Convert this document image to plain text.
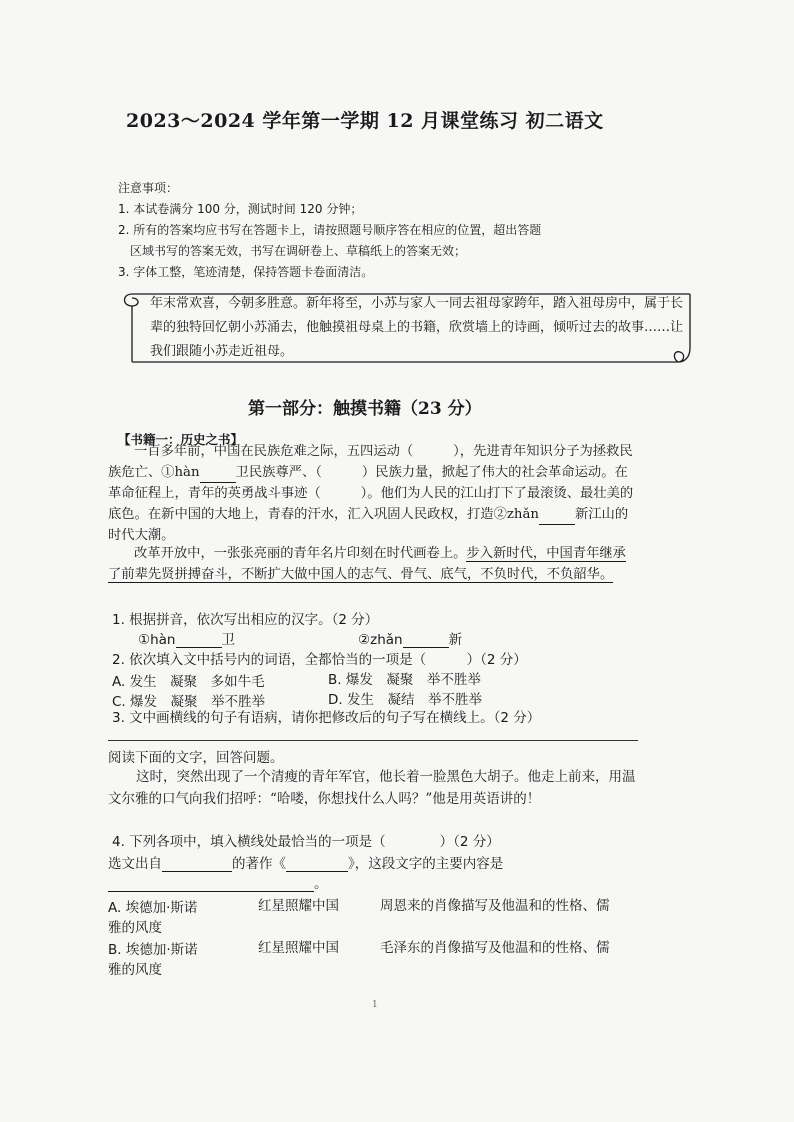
2023～2024 学年第一学期 12 月课堂练习 初二语文
注意事项：
1. 本试卷满分 100 分，测试时间 120 分钟；
2. 所有的答案均应书写在答题卡上，请按照题号顺序答在相应的位置，超出答题
区域书写的答案无效，书写在调研卷上、草稿纸上的答案无效；
3. 字体工整，笔迹清楚，保持答题卡卷面清洁。
年末常欢喜，今朝多胜意。新年将至，小苏与家人一同去祖母家跨年，踏入祖母房中，属于长辈的独特回忆朝小苏涌去，他触摸祖母桌上的书籍，欣赏墙上的诗画，倾听过去的故事……让我们跟随小苏走近祖母。
第一部分：触摸书籍（23 分）
【书籍一：历史之书】
一百多年前，中国在民族危难之际，五四运动（　　　），先进青年知识分子为拯救民族危亡、①hàn	卫民族尊严、（　　　）民族力量，掀起了伟大的社会革命运动。在革命征程上，青年的英勇战斗事迹（　　　）。他们为人民的江山打下了最滚烫、最壮美的底色。在新中国的大地上，青春的汗水，汇入巩固人民政权，打造②zhǎn	新江山的时代大潮。
改革开放中，一张张亮丽的青年名片印刻在时代画卷上。步入新时代，中国青年继承了前辈先贤拼搏奋斗，不断扩大做中国人的志气、骨气、底气，不负时代，不负韶华。
1. 根据拼音，依次写出相应的汉字。（2 分）
①hàn	卫	②zhǎn	新
2. 依次填入文中括号内的词语，全都恰当的一项是（　　　）（2 分）
A. 发生　凝聚　多如牛毛	B. 爆发　凝聚　举不胜举
C. 爆发　凝聚　举不胜举	D. 发生　凝结　举不胜举
3. 文中画横线的句子有语病，请你把修改后的句子写在横线上。（2 分）
阅读下面的文字，回答问题。
这时，突然出现了一个清瘦的青年军官，他长着一脸黑色大胡子。他走上前来，用温文尔雅的口气向我们招呼：“哈喽，你想找什么人吗？”他是用英语讲的！
4. 下列各项中，填入横线处最恰当的一项是（　　　　）（2 分）
选文出自	的著作《	》，这段文字的主要内容是
。
A. 埃德加·斯诺	红星照耀中国	周恩来的肖像描写及他温和的性格、儒
雅的风度
B. 埃德加·斯诺	红星照耀中国	毛泽东的肖像描写及他温和的性格、儒
雅的风度
1
